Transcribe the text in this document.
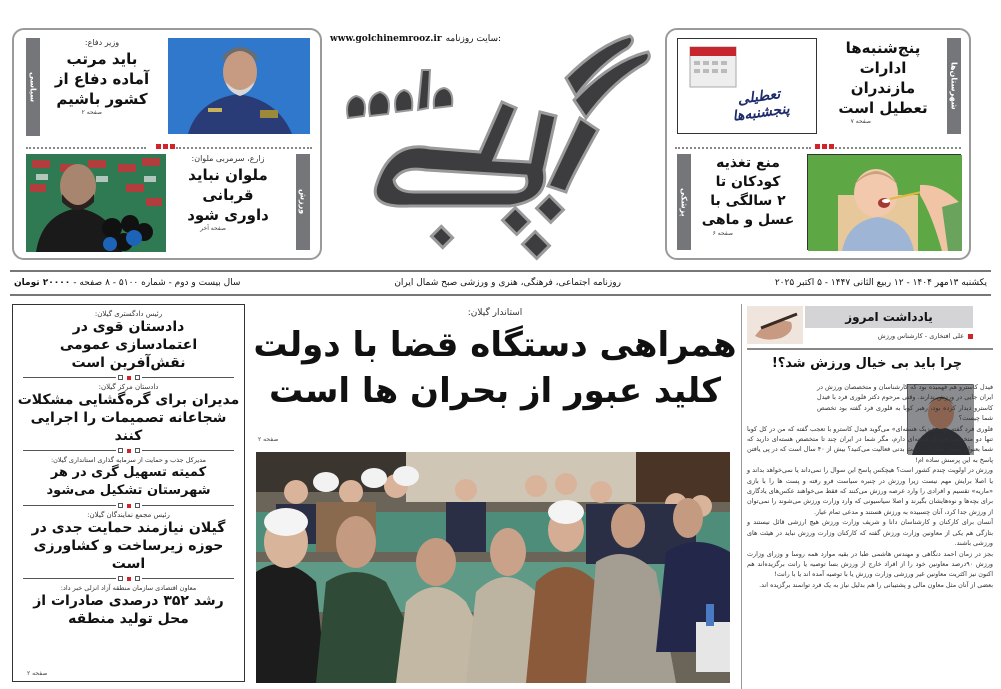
سیاسی
وزیر دفاع:
باید مرتب
آماده دفاع از
کشور باشیم
صفحه ۲
زارع، سرمربی ملوان:
ملوان نباید
قربانی
داوری شود
صفحه آخر
ورزش
www.golchinemrooz.ir سایت روزنامه:
گلچین
تعطیلی پنجشنبه‌ها
پنج‌شنبه‌ها
ادارات
مازندران
تعطیل است
صفحه ۷
شهرستان‌ها
پزشکی
منع تغذیه
کودکان تا
۲ سالگی با
عسل و ماهی
صفحه ۶
سال بیست و دوم - شماره ۵۱۰۰ - ۸ صفحه -
۲۰۰۰۰ تومان	روزنامه اجتماعی، فرهنگی، هنری و ورزشی صبح شمال ایران	یکشنبه ۱۳مهر ۱۴۰۴ - ۱۲ ربیع الثانی ۱۴۴۷ - ۵ اکتبر ۲۰۲۵
رئیس دادگستری گیلان:
دادستان قوی در اعتمادسازی عمومی نقش‌آفرین است
دادستان مرکز گیلان:
مدیران برای گره‌گشایی مشکلات شجاعانه تصمیمات را اجرایی کنند
مدیرکل جذب و حمایت از سرمایه گذاری استانداری گیلان:
کمیته تسهیل گری در هر شهرستان تشکیل می‌شود
رئیس مجمع نمایندگان گیلان:
گیلان نیازمند حمایت جدی در حوزه زیرساخت و کشاورزی است
معاون اقتصادی سازمان منطقه آزاد انزلی خبر داد:
رشد ۳۵۲ درصدی صادرات از محل تولید منطقه
صفحه ۲
استاندار گیلان:
همراهی دستگاه قضا با دولت
کلید عبور از بحران ها است
صفحه ۲
یادداشت امروز
علی افتخاری - کارشناس ورزش
چرا باید بی خیال ورزش شد؟!

فیدل کاسترو هم فهمیده بود که کارشناسان و متخصصان ورزش در ایران جایی در ورزش ندارند. وقتی مرحوم دکتر فلوری فرد با فیدل کاسترو دیدار کرده بود، رهبر کوبا به فلوری فرد گفته بود تخصص شما چیست؟

فلوری فرد گفته بود «فیزیک هسته‌ای» می‌گوید فیدل کاسترو با تعجب گفته که من در کل کوبا تنها دو متخصص فیزیک هسته‌ای دارم، مگر شما در ایران چند تا متخصص هسته‌ای دارید که شما بعنوان رئیس سازمان تربیت بدنی فعالیت می‌کنید؟ بیش از ۴۰ سال است که در پی یافتن پاسخ به این پرسش ساده ام!

ورزش در اولویت چندم کشور است؟ هیچکس پاسخ این سوال را نمی‌داند یا نمی‌خواهد بداند و یا اصلا برایش مهم نیست زیرا ورزش در چنبره سیاست فرو رفته و پست ها را با بازی «ماریه» تقسیم و افرادی را وارد عرصه ورزش می‌کنند که فقط می‌خواهند عکس‌های یادگاری برای بچه‌ها و نوه‌هایشان بگیرند و اصلا سیاسیونی که وارد وزارت ورزش می‌شوند را نمی‌توان از ورزش جدا کرد، آنان چسبیده به ورزش هستند و مدعی تمام عیار.

آنسان برای کارکنان و کارشناسان دانا و شریف وزارت ورزش هیچ ارزشی قائل نیستند و بتازگی هم یکی از معاونین وزارت ورزش گفته که کارکنان وزارت ورزش نباید در هیئت های ورزشی باشند.

بجز در زمان احمد دنگاهی و مهندس هاشمی طبا در بقیه موارد همه روسا و وزرای وزارت ورزش ۹۰درصد معاونین خود را از افراد خارج از ورزش بسا توصیه یا رانت برگزیده‌اند هم اکنون نیز اکثریت معاونین غیر ورزشی وزارت ورزش یا با توصیه آمده اند یا با رانت!

بعضی از آنان مثل معاون مالی و پشتیبانی را هم بدلیل نیاز به یک فرد توانمند برگزیده اند.
